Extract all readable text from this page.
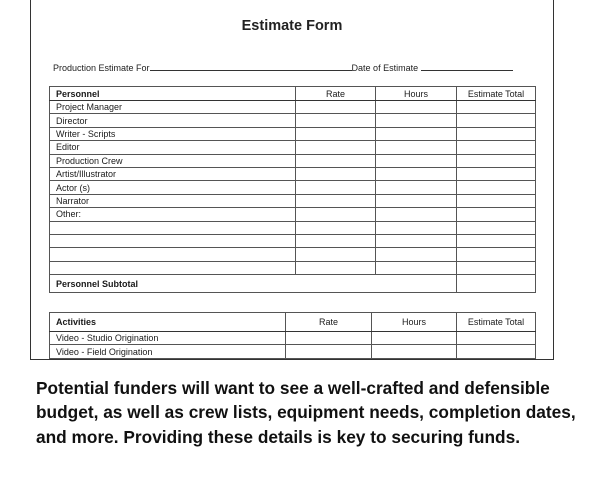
Estimate Form
Production Estimate For	Date of Estimate
Personnel	Rate	Hours	Estimate Total
Project Manager			
Director			
Writer - Scripts			
Editor			
Production Crew			
Artist/Illustrator			
Actor (s)			
Narrator			
Other:			

Personnel Subtotal			
Activities	Rate	Hours	Estimate Total
Video - Studio Origination			
Video - Field Origination			
Potential funders will want to see a well-crafted and defensible budget, as well as crew lists, equipment needs, completion dates, and more. Providing these details is key to securing funds.
